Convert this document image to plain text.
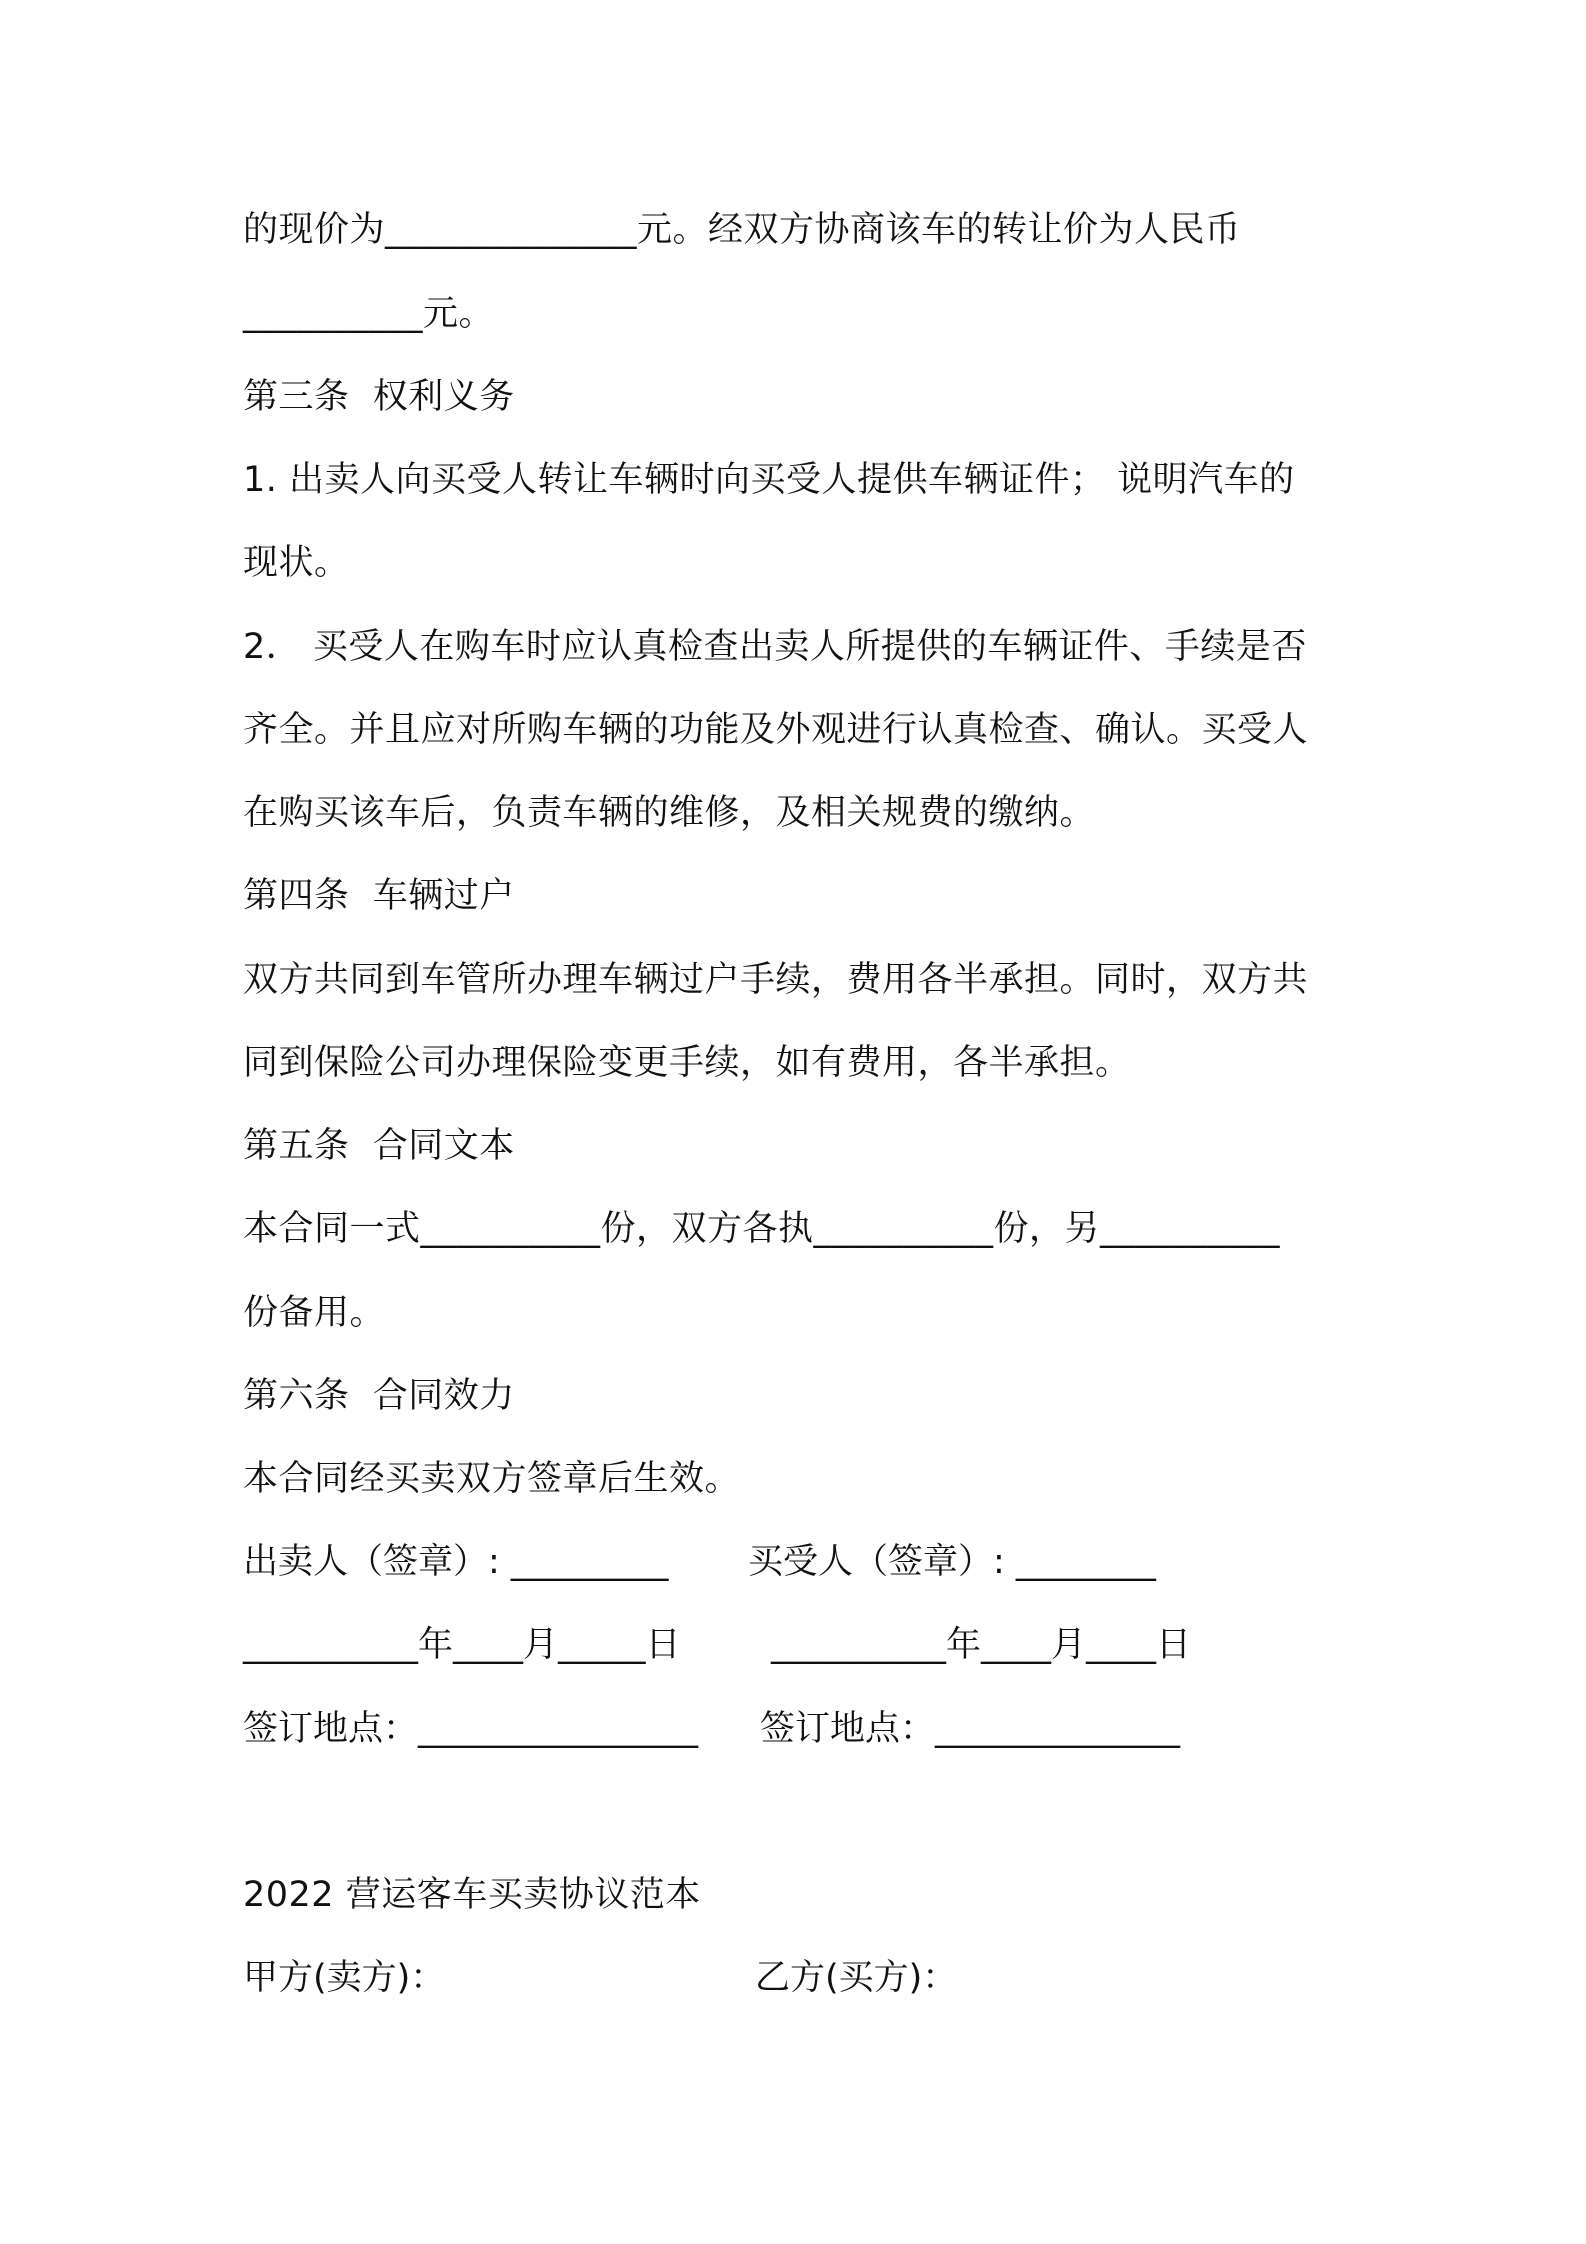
的现价为______________元。经双方协商该车的转让价为人民币
__________元。
第三条  权利义务
1. 出卖人向买受人转让车辆时向买受人提供车辆证件； 说明汽车的
现状。
2． 买受人在购车时应认真检查出卖人所提供的车辆证件、手续是否
齐全。并且应对所购车辆的功能及外观进行认真检查、确认。买受人
在购买该车后，负责车辆的维修，及相关规费的缴纳。
第四条  车辆过户
双方共同到车管所办理车辆过户手续，费用各半承担。同时，双方共
同到保险公司办理保险变更手续，如有费用，各半承担。
第五条  合同文本
本合同一式__________份，双方各执__________份，另__________
份备用。
第六条  合同效力
本合同经买卖双方签章后生效。
出卖人（签章）: _________ 买受人（签章）: ________
__________年____月_____日	__________年____月____日
签订地点：________________ 签订地点：______________
2022 营运客车买卖协议范本
甲方(卖方)：	乙方(买方)：
